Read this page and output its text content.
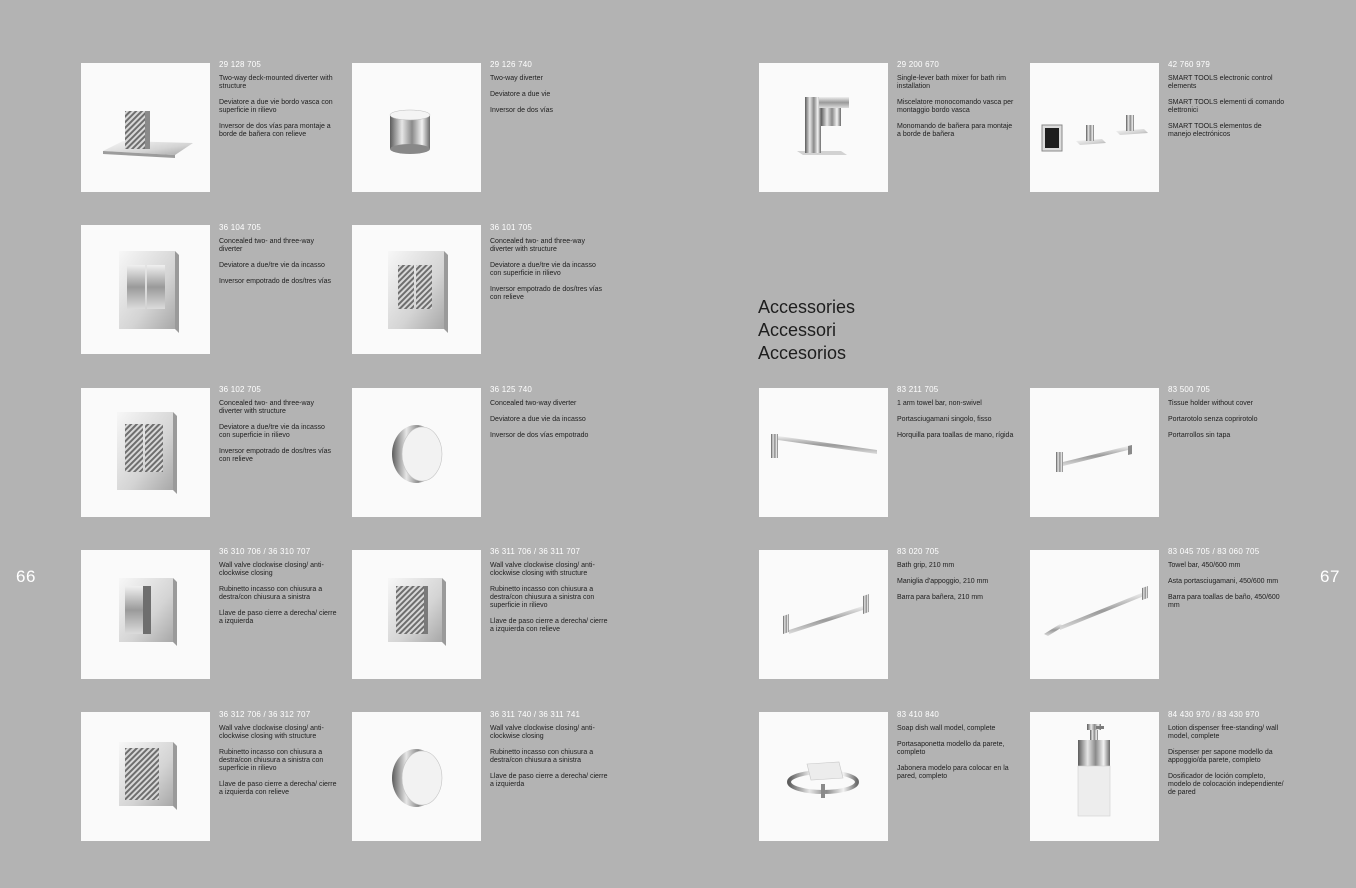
66	67
Accessories
Accessori
Accesorios
29 128 705

Two-way deck-mounted diverter with structure

Deviatore a due vie bordo vasca con superficie in rilievo

Inversor de dos vías para montaje a borde de bañera con relieve

29 126 740

Two-way diverter

Deviatore a due vie

Inversor de dos vías

36 104 705

Concealed two- and three-way diverter

Deviatore a due/tre vie da incasso

Inversor empotrado de dos/tres vías

36 101 705

Concealed two- and three-way diverter with structure

Deviatore a due/tre vie da incasso con superficie in rilievo

Inversor empotrado de dos/tres vías con relieve

36 102 705

Concealed two- and three-way diverter with structure

Deviatore a due/tre vie da incasso con superficie in rilievo

Inversor empotrado de dos/tres vías con relieve

36 125 740

Concealed two-way diverter

Deviatore a due vie da incasso

Inversor de dos vías empotrado

36 310 706 / 36 310 707

Wall valve clockwise closing/ anti-clockwise closing

Rubinetto incasso con chiusura a destra/con chiusura a sinistra

Llave de paso cierre a derecha/ cierre a izquierda

36 311 706 / 36 311 707

Wall valve clockwise closing/ anti-clockwise closing with structure

Rubinetto incasso con chiusura a destra/con chiusura a sinistra con superficie in rilievo

Llave de paso cierre a derecha/ cierre a izquierda con relieve

36 312 706 / 36 312 707

Wall valve clockwise closing/ anti-clockwise closing with structure

Rubinetto incasso con chiusura a destra/con chiusura a sinistra con superficie in rilievo

Llave de paso cierre a derecha/ cierre a izquierda con relieve

36 311 740 / 36 311 741

Wall valve clockwise closing/ anti-clockwise closing

Rubinetto incasso con chiusura a destra/con chiusura a sinistra

Llave de paso cierre a derecha/ cierre a izquierda

29 200 670

Single-lever bath mixer for bath rim installation

Miscelatore monocomando vasca per montaggio bordo vasca

Monomando de bañera para montaje a borde de bañera

42 760 979

SMART TOOLS electronic control elements

SMART TOOLS elementi di comando elettronici

SMART TOOLS elementos de manejo electrónicos

83 211 705

1 arm towel bar, non-swivel

Portasciugamani singolo, fisso

Horquilla para toallas de mano, rígida

83 500 705

Tissue holder without cover

Portarotolo senza coprirotolo

Portarrollos sin tapa

83 020 705

Bath grip, 210 mm

Maniglia d'appoggio, 210 mm

Barra para bañera, 210 mm

83 045 705 / 83 060 705

Towel bar, 450/600 mm

Asta portasciugamani, 450/600 mm

Barra para toallas de baño, 450/600 mm

83 410 840

Soap dish wall model, complete

Portasaponetta modello da parete, completo

Jabonera modelo para colocar en la pared, completo

84 430 970 / 83 430 970

Lotion dispenser free-standing/ wall model, complete

Dispenser per sapone modello da appoggio/da parete, completo

Dosificador de loción completo, modelo de colocación independiente/ de pared
